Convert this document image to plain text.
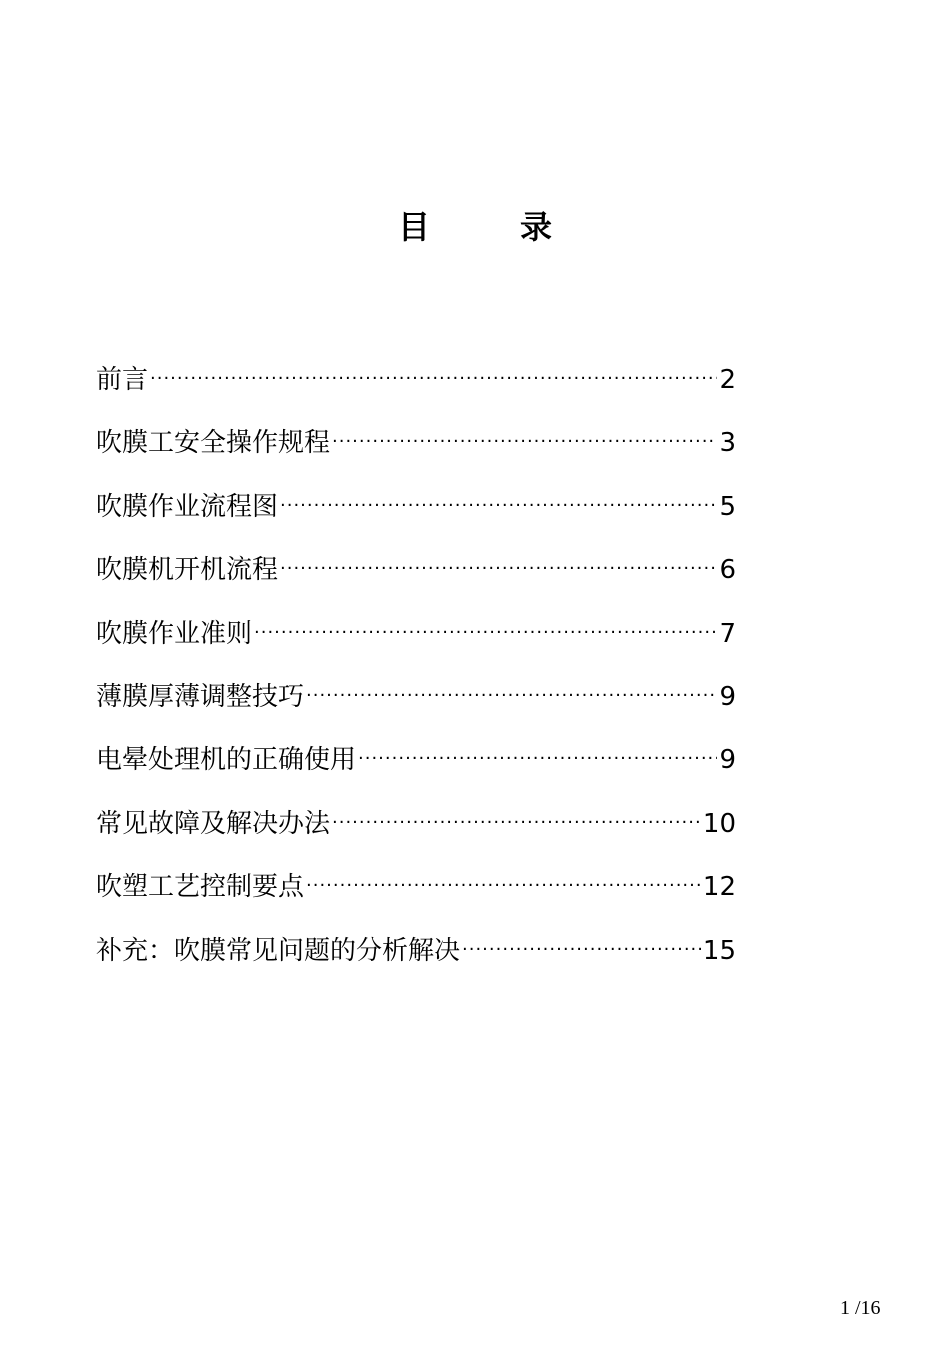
目	录
前言 ·····	2
吹膜工安全操作规程 ·····	3
吹膜作业流程图 ·····	5
吹膜机开机流程 ·····	6
吹膜作业准则 ·····	7
薄膜厚薄调整技巧 ·····	9
电晕处理机的正确使用 ·····	9
常见故障及解决办法 ·····	10
吹塑工艺控制要点 ·····	12
补充：吹膜常见问题的分析解决 ·····	15
1 /16
